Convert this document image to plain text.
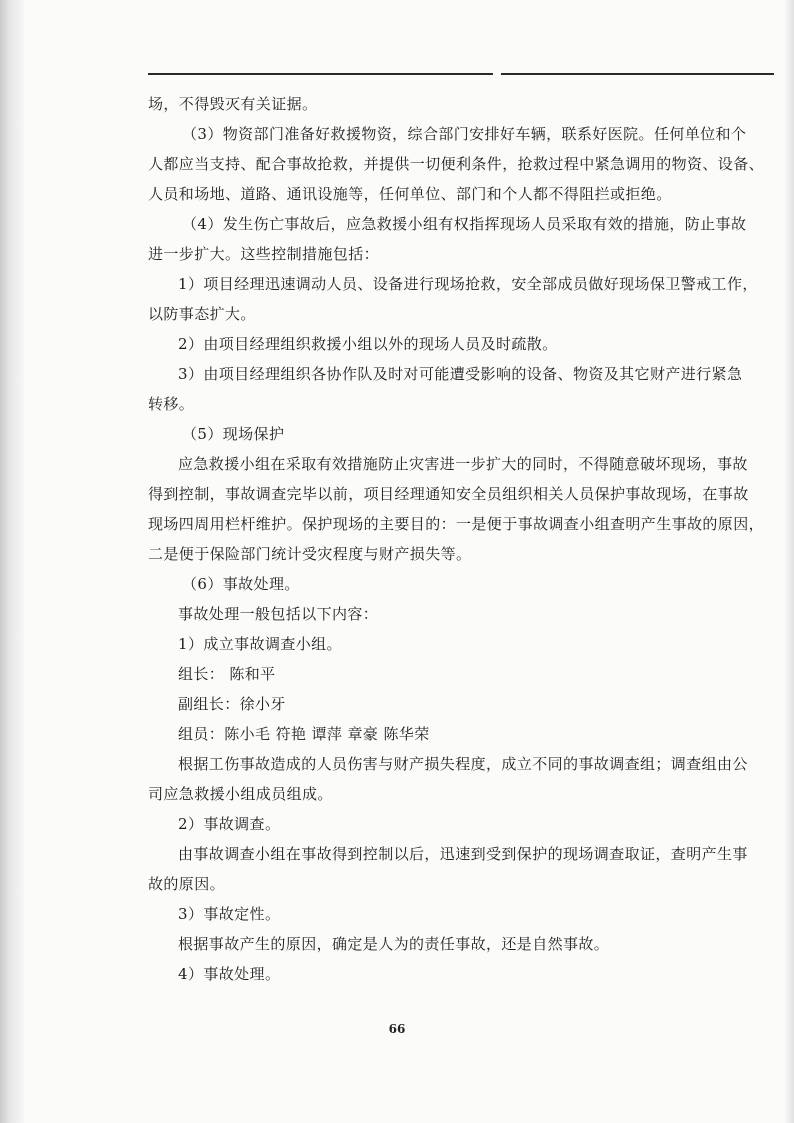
场，不得毁灭有关证据。
（3）物资部门准备好救援物资，综合部门安排好车辆，联系好医院。任何单位和个
人都应当支持、配合事故抢救，并提供一切便利条件，抢救过程中紧急调用的物资、设备、
人员和场地、道路、通讯设施等，任何单位、部门和个人都不得阻拦或拒绝。
（4）发生伤亡事故后，应急救援小组有权指挥现场人员采取有效的措施，防止事故
进一步扩大。这些控制措施包括：
1）项目经理迅速调动人员、设备进行现场抢救，安全部成员做好现场保卫警戒工作，
以防事态扩大。
2）由项目经理组织救援小组以外的现场人员及时疏散。
3）由项目经理组织各协作队及时对可能遭受影响的设备、物资及其它财产进行紧急
转移。
（5）现场保护
应急救援小组在采取有效措施防止灾害进一步扩大的同时，不得随意破坏现场，事故
得到控制，事故调查完毕以前，项目经理通知安全员组织相关人员保护事故现场，在事故
现场四周用栏杆维护。保护现场的主要目的：一是便于事故调查小组查明产生事故的原因，
二是便于保险部门统计受灾程度与财产损失等。
（6）事故处理。
事故处理一般包括以下内容：
1）成立事故调查小组。
组长： 陈和平
副组长：徐小牙
组员：陈小毛 符艳 谭萍 章豪 陈华荣
根据工伤事故造成的人员伤害与财产损失程度，成立不同的事故调查组；调查组由公
司应急救援小组成员组成。
2）事故调查。
由事故调查小组在事故得到控制以后，迅速到受到保护的现场调查取证，查明产生事
故的原因。
3）事故定性。
根据事故产生的原因，确定是人为的责任事故，还是自然事故。
4）事故处理。
66
